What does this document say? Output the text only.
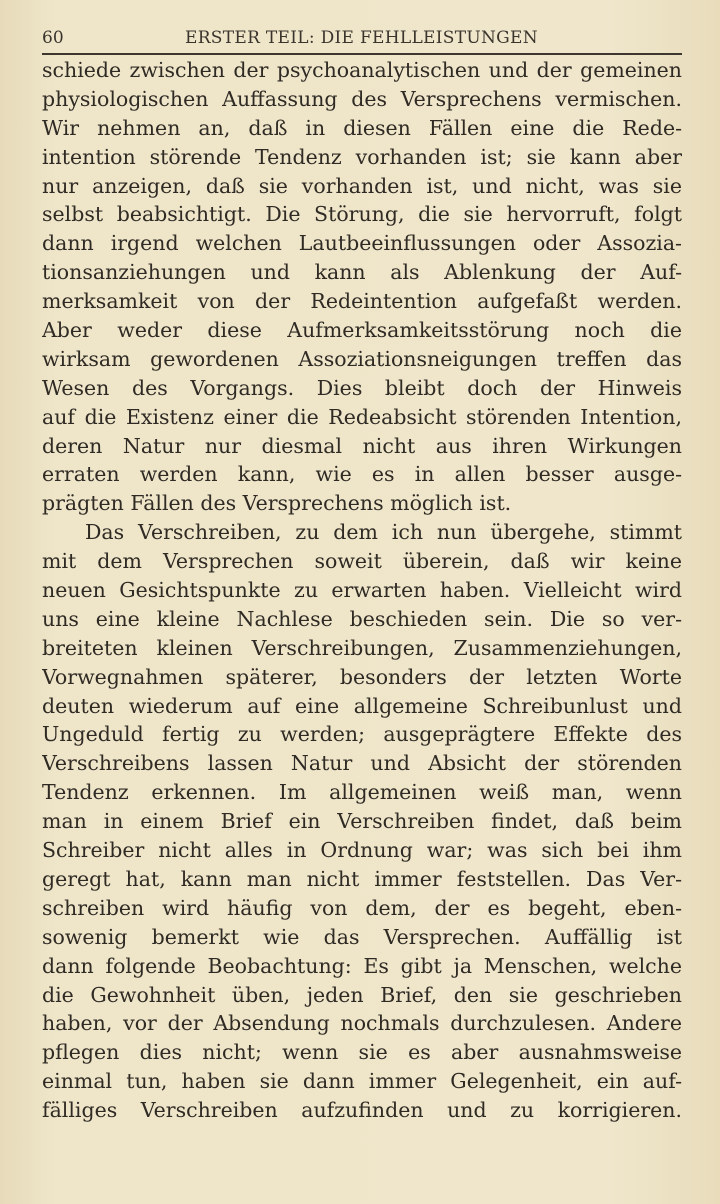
60	ERSTER TEIL: DIE FEHLLEISTUNGEN
schiede zwischen der psychoanalytischen und der gemeinen
physiologischen Auffassung des Versprechens vermischen.
Wir nehmen an, daß in diesen Fällen eine die Rede-
intention störende Tendenz vorhanden ist; sie kann aber
nur anzeigen, daß sie vorhanden ist, und nicht, was sie
selbst beabsichtigt. Die Störung, die sie hervorruft, folgt
dann irgend welchen Lautbeeinflussungen oder Assozia-
tionsanziehungen und kann als Ablenkung der Auf-
merksamkeit von der Redeintention aufgefaßt werden.
Aber weder diese Aufmerksamkeitsstörung noch die
wirksam gewordenen Assoziationsneigungen treffen das
Wesen des Vorgangs. Dies bleibt doch der Hinweis
auf die Existenz einer die Redeabsicht störenden Intention,
deren Natur nur diesmal nicht aus ihren Wirkungen
erraten werden kann, wie es in allen besser ausge-
prägten Fällen des Versprechens möglich ist.
Das Verschreiben, zu dem ich nun übergehe, stimmt
mit dem Versprechen soweit überein, daß wir keine
neuen Gesichtspunkte zu erwarten haben. Vielleicht wird
uns eine kleine Nachlese beschieden sein. Die so ver-
breiteten kleinen Verschreibungen, Zusammenziehungen,
Vorwegnahmen späterer, besonders der letzten Worte
deuten wiederum auf eine allgemeine Schreibunlust und
Ungeduld fertig zu werden; ausgeprägtere Effekte des
Verschreibens lassen Natur und Absicht der störenden
Tendenz erkennen. Im allgemeinen weiß man, wenn
man in einem Brief ein Verschreiben findet, daß beim
Schreiber nicht alles in Ordnung war; was sich bei ihm
geregt hat, kann man nicht immer feststellen. Das Ver-
schreiben wird häufig von dem, der es begeht, eben-
sowenig bemerkt wie das Versprechen. Auffällig ist
dann folgende Beobachtung: Es gibt ja Menschen, welche
die Gewohnheit üben, jeden Brief, den sie geschrieben
haben, vor der Absendung nochmals durchzulesen. Andere
pflegen dies nicht; wenn sie es aber ausnahmsweise
einmal tun, haben sie dann immer Gelegenheit, ein auf-
fälliges Verschreiben aufzufinden und zu korrigieren.
